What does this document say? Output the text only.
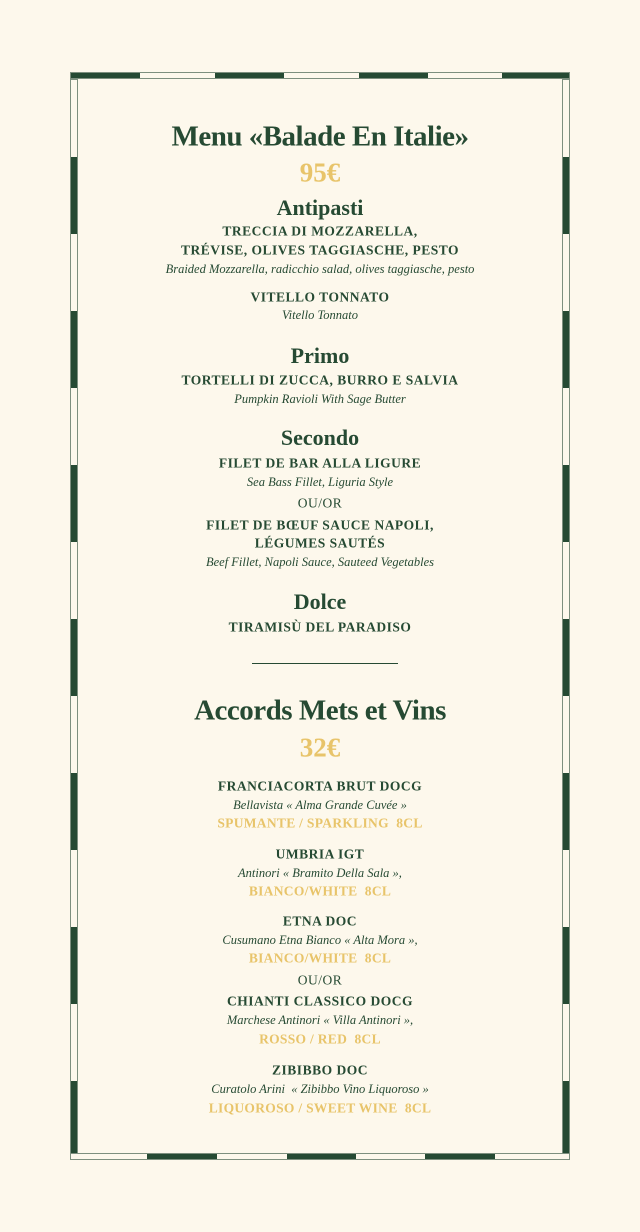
Menu «Balade En Italie»
95€
Antipasti
TRECCIA DI MOZZARELLA,
TRÉVISE, OLIVES TAGGIASCHE, PESTO
Braided Mozzarella, radicchio salad, olives taggiasche, pesto
VITELLO TONNATO
Vitello Tonnato
Primo
TORTELLI DI ZUCCA, BURRO E SALVIA
Pumpkin Ravioli With Sage Butter
Secondo
FILET DE BAR ALLA LIGURE
Sea Bass Fillet, Liguria Style
OU/OR
FILET DE BŒUF SAUCE NAPOLI,
LÉGUMES SAUTÉS
Beef Fillet, Napoli Sauce, Sauteed Vegetables
Dolce
TIRAMISÙ DEL PARADISO
Accords Mets et Vins
32€
FRANCIACORTA BRUT DOCG
Bellavista « Alma Grande Cuvée »
SPUMANTE / SPARKLING  8CL
UMBRIA IGT
Antinori « Bramito Della Sala »,
BIANCO/WHITE  8CL
ETNA DOC
Cusumano Etna Bianco « Alta Mora »,
BIANCO/WHITE  8CL
OU/OR
CHIANTI CLASSICO DOCG
Marchese Antinori « Villa Antinori »,
ROSSO / RED  8CL
ZIBIBBO DOC
Curatolo Arini  « Zibibbo Vino Liquoroso »
LIQUOROSO / SWEET WINE  8CL
